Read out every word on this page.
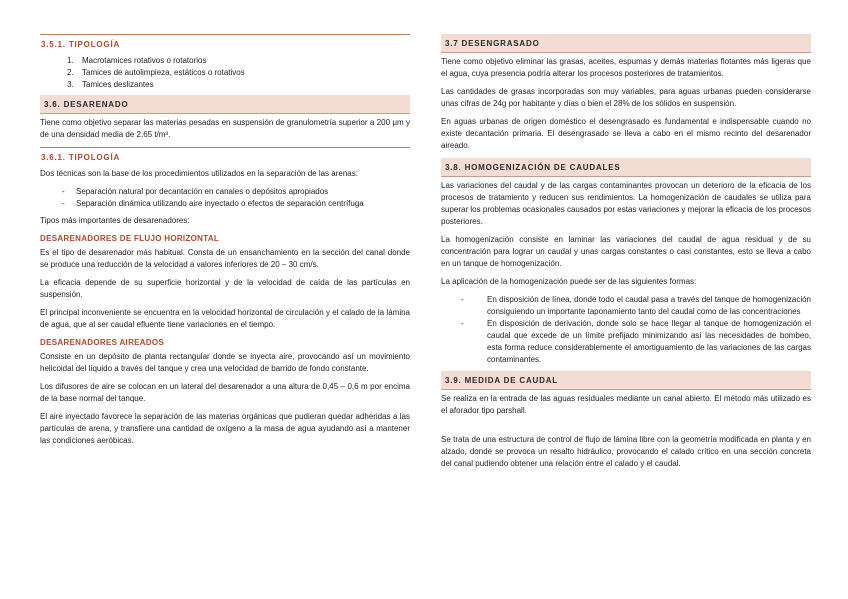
3.5.1. TIPOLOGÍA
1. Macrotamices rotativos o rotatorios
2. Tamices de autolimpieza, estáticos o rotativos
3. Tamices deslizantes
3.6. DESARENADO

Tiene como objetivo separar las materias pesadas en suspensión de granulometría superior a 200 μm y de una densidad media de 2,65 t/m³.

3.6.1. TIPOLOGÍA

Dos técnicas son la base de los procedimientos utilizados en la separación de las arenas:

- Separación natural por decantación en canales o depósitos apropiados
- Separación dinámica utilizando aire inyectado o efectos de separación centrífuga

Tipos más importantes de desarenadores:

DESARENADORES DE FLUJO HORIZONTAL

Es el tipo de desarenador más habitual. Consta de un ensanchamiento en la sección del canal donde se produce una reducción de la velocidad a valores inferiores de 20 – 30 cm/s.

La eficacia depende de su superficie horizontal y de la velocidad de caída de las partículas en suspensión.

El principal inconveniente se encuentra en la velocidad horizontal de circulación y el calado de la lámina de agua, que al ser caudal efluente tiene variaciones en el tiempo.

DESARENADORES AIREADOS

Consiste en un depósito de planta rectangular donde se inyecta aire, provocando así un movimiento helicoidal del líquido a través del tanque y crea una velocidad de barrido de fondo constante.

Los difusores de aire se colocan en un lateral del desarenador a una altura de 0,45 – 0,6 m por encima de la base normal del tanque.

El aire inyectado favorece la separación de las materias orgánicas que pudieran quedar adheridas a las partículas de arena, y transfiere una cantidad de oxígeno a la masa de agua ayudando así a mantener las condiciones aeróbicas.

3.7 DESENGRASADO

Tiene como objetivo eliminar las grasas, aceites, espumas y demás materias flotantes más ligeras que el agua, cuya presencia podría alterar los procesos posteriores de tratamientos.

Las cantidades de grasas incorporadas son muy variables, para aguas urbanas pueden considerarse unas cifras de 24g por habitante y días o bien el 28% de los sólidos en suspensión.

En aguas urbanas de origen doméstico el desengrasado es fundamental e indispensable cuando no existe decantación primaria. El desengrasado se lleva a cabo en el mismo recinto del desarenador aireado.

3.8. HOMOGENIZACIÓN DE CAUDALES

Las variaciones del caudal y de las cargas contaminantes provocan un deterioro de la eficacia de los procesos de tratamiento y reducen sus rendimientos. La homogenización de caudales se utiliza para superar los problemas ocasionales causados por estas variaciones y mejorar la eficacia de los procesos posteriores.

La homogenización consiste en laminar las variaciones del caudal de agua residual y de su concentración para lograr un caudal y unas cargas constantes o casi constantes, esto se lleva a cabo en un tanque de homogenización.

La aplicación de la homogenización puede ser de las siguientes formas:

-	En disposición de línea, donde todo el caudal pasa a través del tanque de homogenización consiguiendo un importante taponamiento tanto del caudal como de las concentraciones
-	En disposición de derivación, donde solo se hace llegar al tanque de homogenización el caudal que excede de un límite prefijado minimizando así las necesidades de bombeo, esta forma reduce considerablemente el amortiguamiento de las variaciones de las cargas contaminantes.
3.9. MEDIDA DE CAUDAL

Se realiza en la entrada de las aguas residuales mediante un canal abierto. El método más utilizado es el aforador tipo parshall.

Se trata de una estructura de control de flujo de lámina libre con la geometría modificada en planta y en alzado, donde se provoca un resalto hidráulico, provocando el calado crítico en una sección concreta del canal pudiendo obtener una relación entre el calado y el caudal.
